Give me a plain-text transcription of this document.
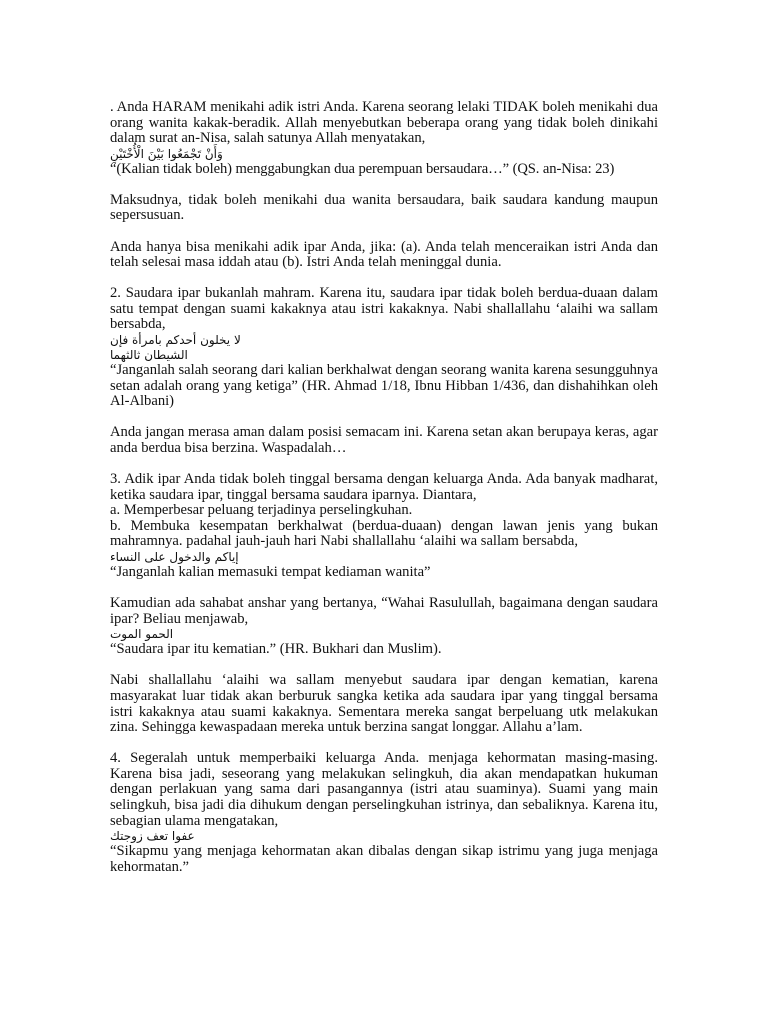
. Anda HARAM menikahi adik istri Anda. Karena seorang lelaki TIDAK boleh menikahi dua orang wanita kakak-beradik. Allah menyebutkan beberapa orang yang tidak boleh dinikahi dalam surat an-Nisa, salah satunya Allah menyatakan,

وَأَنْ تَجْمَعُوا بَيْنَ الْأُخْتَيْنِ

“(Kalian tidak boleh) menggabungkan dua perempuan bersaudara…” (QS. an-Nisa: 23)

Maksudnya, tidak boleh menikahi dua wanita bersaudara, baik saudara kandung maupun sepersusuan.

Anda hanya bisa menikahi adik ipar Anda, jika: (a). Anda telah menceraikan istri Anda dan telah selesai masa iddah atau (b). Istri Anda telah meninggal dunia.

2. Saudara ipar bukanlah mahram. Karena itu, saudara ipar tidak boleh berdua-duaan dalam satu tempat dengan suami kakaknya atau istri kakaknya. Nabi shallallahu ‘alaihi wa sallam bersabda,

لا يخلون أحدكم بامرأة فإن الشيطان ثالثهما

“Janganlah salah seorang dari kalian berkhalwat dengan seorang wanita karena sesungguhnya setan adalah orang yang ketiga” (HR. Ahmad 1/18, Ibnu Hibban 1/436, dan dishahihkan oleh Al-Albani)

Anda jangan merasa aman dalam posisi semacam ini. Karena setan akan berupaya keras, agar anda berdua bisa berzina. Waspadalah…

3. Adik ipar Anda tidak boleh tinggal bersama dengan keluarga Anda. Ada banyak madharat, ketika saudara ipar, tinggal bersama saudara iparnya. Diantara,

a. Memperbesar peluang terjadinya perselingkuhan.

b. Membuka kesempatan berkhalwat (berdua-duaan) dengan lawan jenis yang bukan mahramnya. padahal jauh-jauh hari Nabi shallallahu ‘alaihi wa sallam bersabda,

إياكم والدخول على النساء

“Janganlah kalian memasuki tempat kediaman wanita”

Kamudian ada sahabat anshar yang bertanya, “Wahai Rasulullah, bagaimana dengan saudara ipar? Beliau menjawab,

الحمو الموت

“Saudara ipar itu kematian.” (HR. Bukhari dan Muslim).

Nabi shallallahu ‘alaihi wa sallam menyebut saudara ipar dengan kematian, karena masyarakat luar tidak akan berburuk sangka ketika ada saudara ipar yang tinggal bersama istri kakaknya atau suami kakaknya. Sementara mereka sangat berpeluang utk melakukan zina. Sehingga kewaspadaan mereka untuk berzina sangat longgar. Allahu a’lam.

4. Segeralah untuk memperbaiki keluarga Anda. menjaga kehormatan masing-masing. Karena bisa jadi, seseorang yang melakukan selingkuh, dia akan mendapatkan hukuman dengan perlakuan yang sama dari pasangannya (istri atau suaminya). Suami yang main selingkuh, bisa jadi dia dihukum dengan perselingkuhan istrinya, dan sebaliknya. Karena itu, sebagian ulama mengatakan,

عفوا تعف زوجتك

“Sikapmu yang menjaga kehormatan akan dibalas dengan sikap istrimu yang juga menjaga kehormatan.”
